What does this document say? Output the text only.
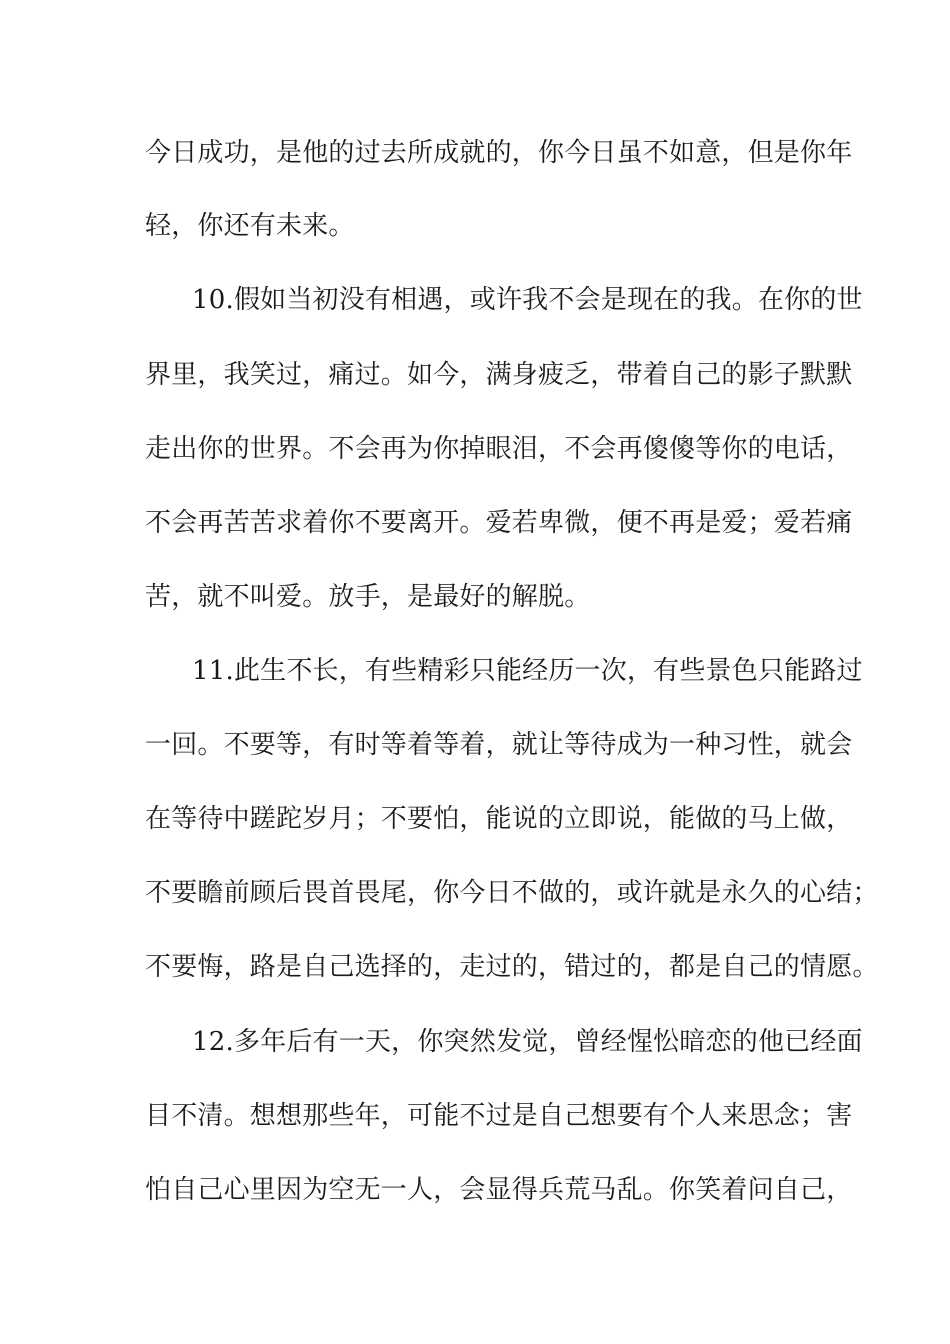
今日成功，是他的过去所成就的，你今日虽不如意，但是你年
轻，你还有未来。
10.假如当初没有相遇，或许我不会是现在的我。在你的世
界里，我笑过，痛过。如今，满身疲乏，带着自己的影子默默
走出你的世界。不会再为你掉眼泪，不会再傻傻等你的电话，
不会再苦苦求着你不要离开。爱若卑微，便不再是爱；爱若痛
苦，就不叫爱。放手，是最好的解脱。
11.此生不长，有些精彩只能经历一次，有些景色只能路过
一回。不要等，有时等着等着，就让等待成为一种习性，就会
在等待中蹉跎岁月；不要怕，能说的立即说，能做的马上做，
不要瞻前顾后畏首畏尾，你今日不做的，或许就是永久的心结；
不要悔，路是自己选择的，走过的，错过的，都是自己的情愿。
12.多年后有一天，你突然发觉，曾经惺忪暗恋的他已经面
目不清。想想那些年，可能不过是自己想要有个人来思念；害
怕自己心里因为空无一人，会显得兵荒马乱。你笑着问自己，
